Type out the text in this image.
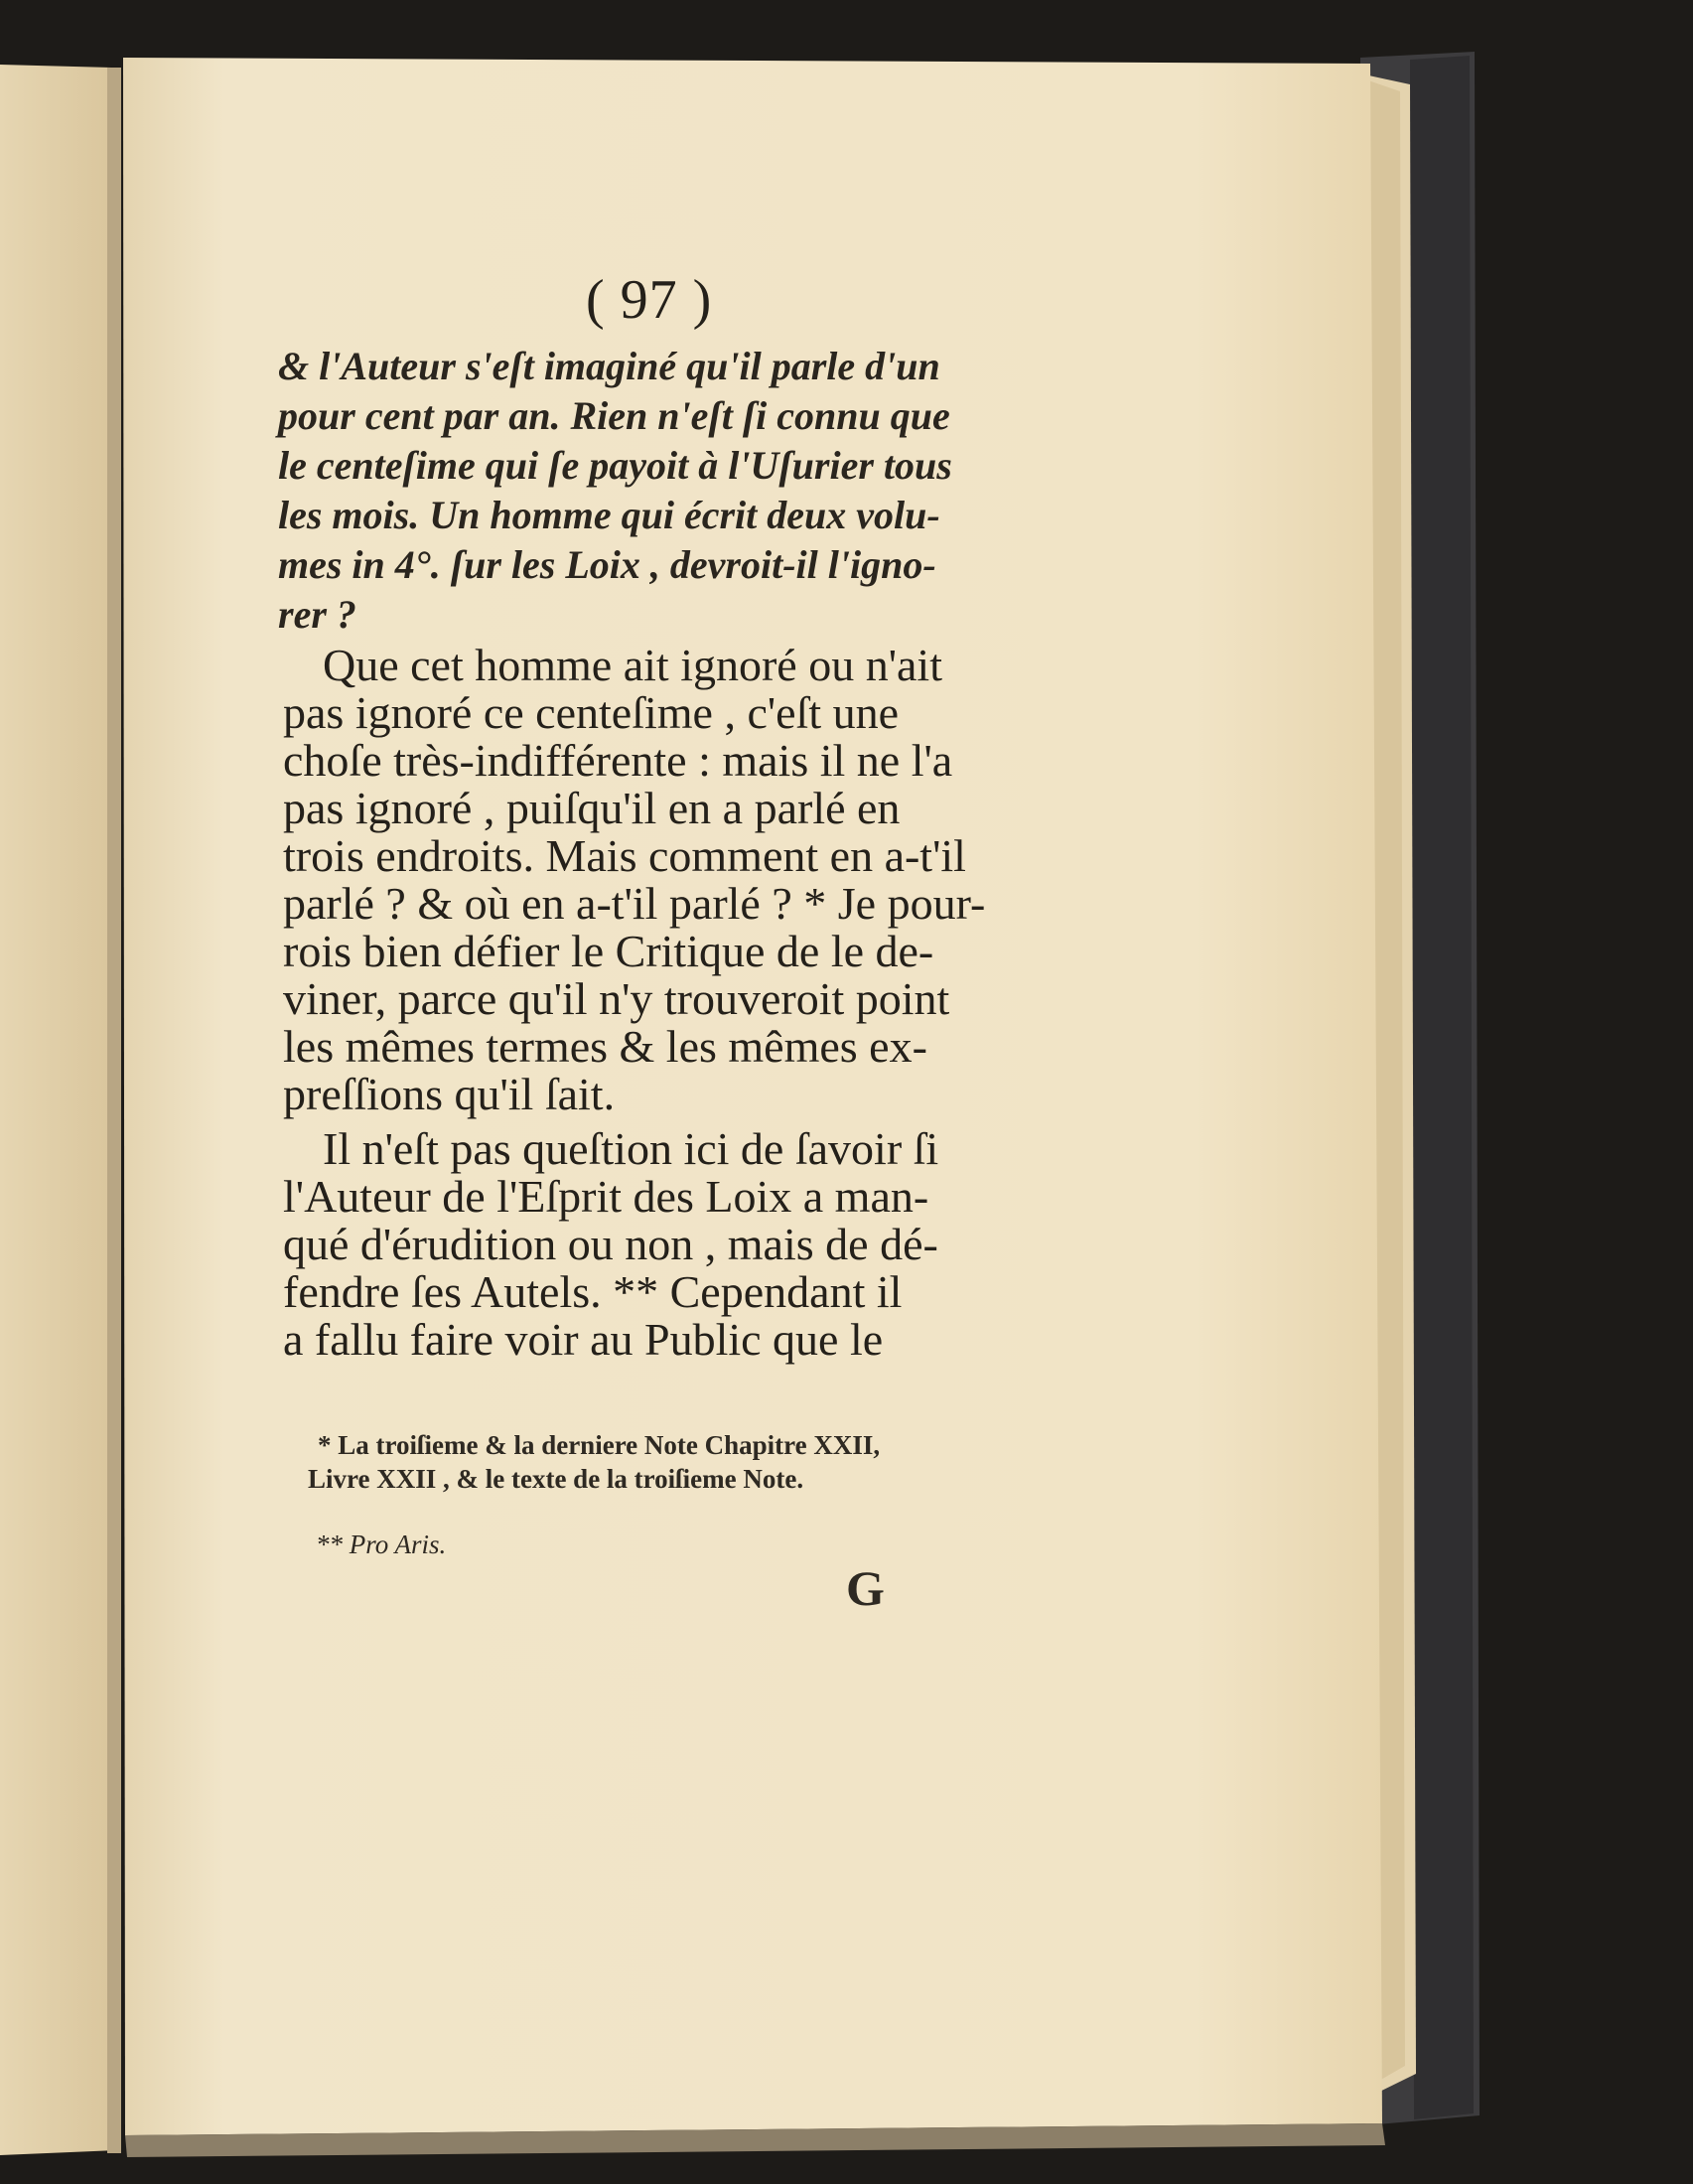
( 97 )
& l'Auteur s'eſt imaginé qu'il parle d'un
pour cent par an. Rien n'eſt ſi connu que
le centeſime qui ſe payoit à l'Uſurier tous
les mois. Un homme qui écrit deux volu-
mes in 4°. ſur les Loix , devroit-il l'igno-
rer ?
Que cet homme ait ignoré ou n'ait
pas ignoré ce centeſime , c'eſt une
choſe très-indifférente : mais il ne l'a
pas ignoré , puiſqu'il en a parlé en
trois endroits. Mais comment en a-t'il
parlé ? & où en a-t'il parlé ? * Je pour-
rois bien défier le Critique de le de-
viner, parce qu'il n'y trouveroit point
les mêmes termes & les mêmes ex-
preſſions qu'il ſait.
Il n'eſt pas queſtion ici de ſavoir ſi
l'Auteur de l'Eſprit des Loix a man-
qué d'érudition ou non , mais de dé-
fendre ſes Autels. ** Cependant il
a fallu faire voir au Public que le
* La troiſieme & la derniere Note Chapitre XXII,
Livre XXII , & le texte de la troiſieme Note.
** Pro Aris.
G
